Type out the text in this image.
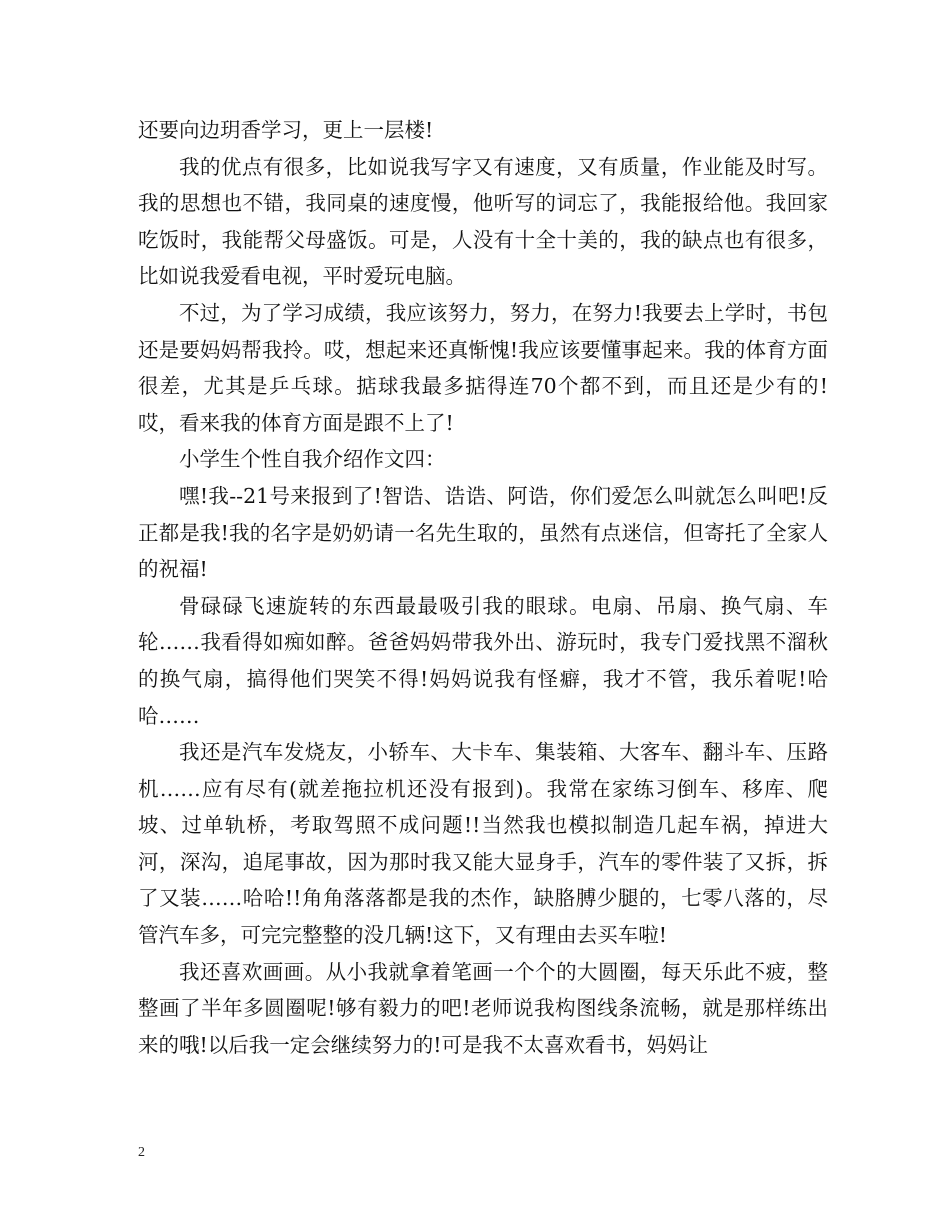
还要向边玥香学习，更上一层楼!

我的优点有很多，比如说我写字又有速度，又有质量，作业能及时写。我的思想也不错，我同桌的速度慢，他听写的词忘了，我能报给他。我回家吃饭时，我能帮父母盛饭。可是，人没有十全十美的，我的缺点也有很多，比如说我爱看电视，平时爱玩电脑。

不过，为了学习成绩，我应该努力，努力，在努力!我要去上学时，书包还是要妈妈帮我拎。哎，想起来还真惭愧!我应该要懂事起来。我的体育方面很差，尤其是乒乓球。掂球我最多掂得连70个都不到，而且还是少有的!哎，看来我的体育方面是跟不上了!

小学生个性自我介绍作文四：

嘿!我--21号来报到了!智诰、诰诰、阿诰，你们爱怎么叫就怎么叫吧!反正都是我!我的名字是奶奶请一名先生取的，虽然有点迷信，但寄托了全家人的祝福!

骨碌碌飞速旋转的东西最最吸引我的眼球。电扇、吊扇、换气扇、车轮……我看得如痴如醉。爸爸妈妈带我外出、游玩时，我专门爱找黑不溜秋的换气扇，搞得他们哭笑不得!妈妈说我有怪癖，我才不管，我乐着呢!哈哈……

我还是汽车发烧友，小轿车、大卡车、集装箱、大客车、翻斗车、压路机……应有尽有(就差拖拉机还没有报到)。我常在家练习倒车、移库、爬坡、过单轨桥，考取驾照不成问题!!当然我也模拟制造几起车祸，掉进大河，深沟，追尾事故，因为那时我又能大显身手，汽车的零件装了又拆，拆了又装……哈哈!!角角落落都是我的杰作，缺胳膊少腿的，七零八落的，尽管汽车多，可完完整整的没几辆!这下，又有理由去买车啦!

我还喜欢画画。从小我就拿着笔画一个个的大圆圈，每天乐此不疲，整整画了半年多圆圈呢!够有毅力的吧!老师说我构图线条流畅，就是那样练出来的哦!以后我一定会继续努力的!可是我不太喜欢看书，妈妈让

2
